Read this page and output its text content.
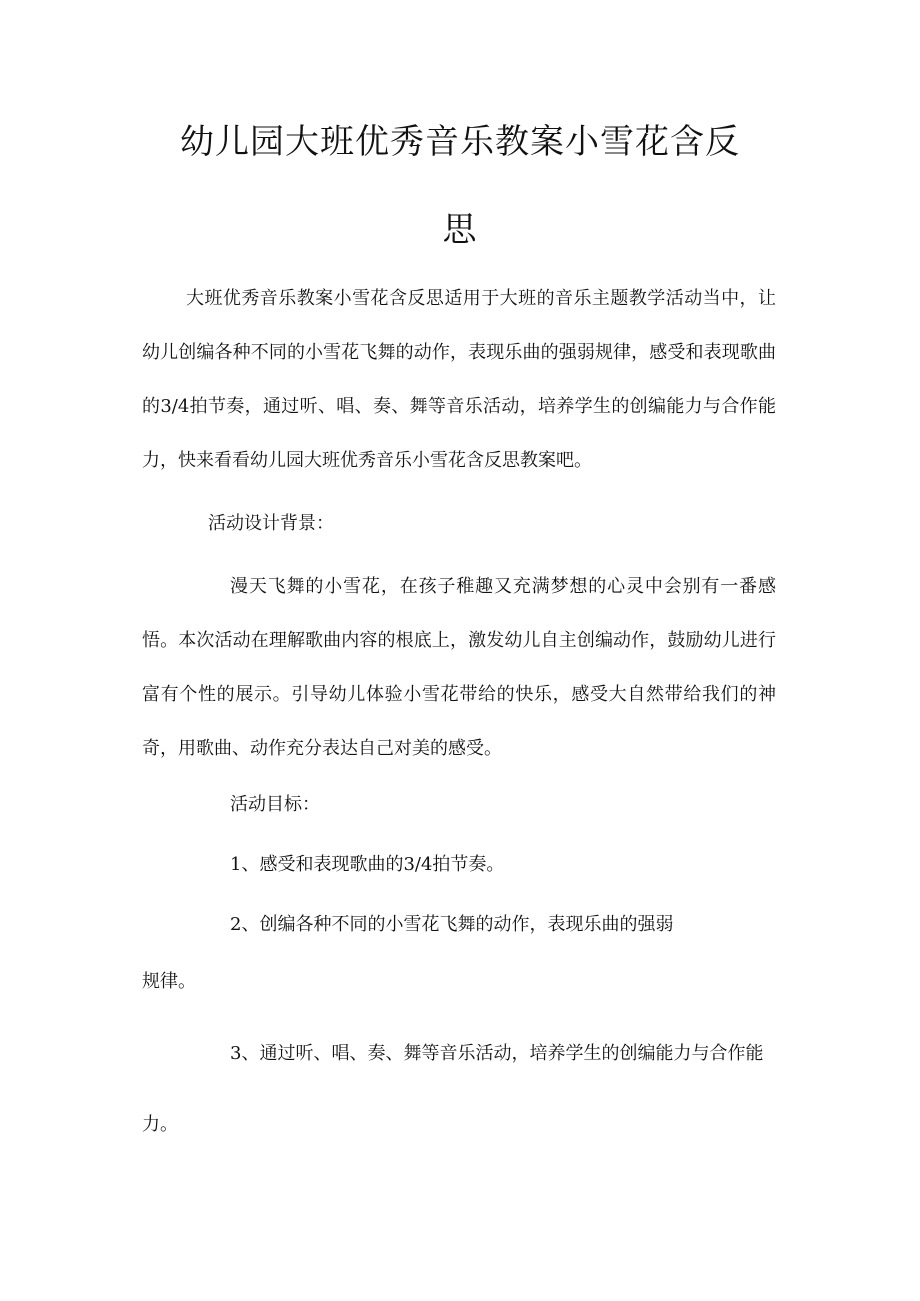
幼儿园大班优秀音乐教案小雪花含反
思

大班优秀音乐教案小雪花含反思适用于大班的音乐主题教学活动当中，让幼儿创编各种不同的小雪花飞舞的动作，表现乐曲的强弱规律，感受和表现歌曲的3/4拍节奏，通过听、唱、奏、舞等音乐活动，培养学生的创编能力与合作能力，快来看看幼儿园大班优秀音乐小雪花含反思教案吧。

活动设计背景：

漫天飞舞的小雪花，在孩子稚趣又充满梦想的心灵中会别有一番感悟。本次活动在理解歌曲内容的根底上，激发幼儿自主创编动作，鼓励幼儿进行富有个性的展示。引导幼儿体验小雪花带给的快乐，感受大自然带给我们的神奇，用歌曲、动作充分表达自己对美的感受。

活动目标：

1、感受和表现歌曲的3/4拍节奏。

2、创编各种不同的小雪花飞舞的动作，表现乐曲的强弱

规律。

3、通过听、唱、奏、舞等音乐活动，培养学生的创编能力与合作能

力。
